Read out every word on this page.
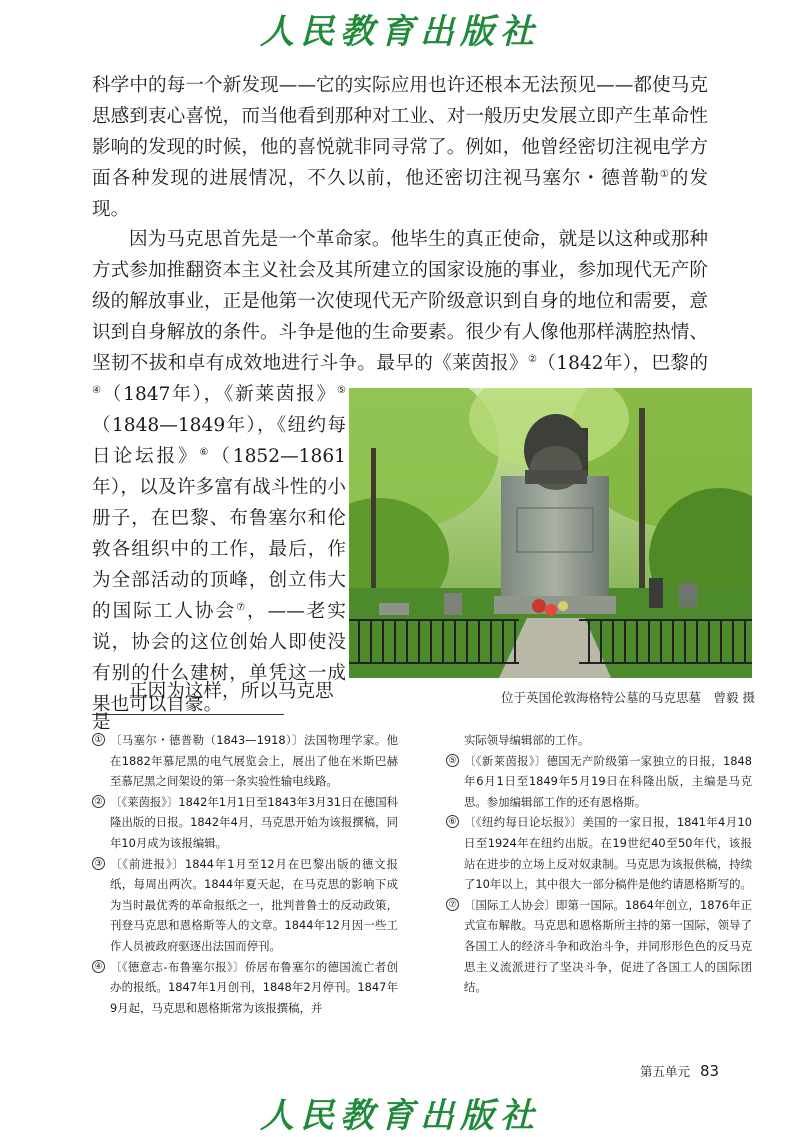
人民教育出版社

科学中的每一个新发现——它的实际应用也许还根本无法预见——都使马克思感到衷心喜悦，而当他看到那种对工业、对一般历史发展立即产生革命性影响的发现的时候，他的喜悦就非同寻常了。例如，他曾经密切注视电学方面各种发现的进展情况，不久以前，他还密切注视马塞尔・德普勒①的发现。

因为马克思首先是一个革命家。他毕生的真正使命，就是以这种或那种方式参加推翻资本主义社会及其所建立的国家设施的事业，参加现代无产阶级的解放事业，正是他第一次使现代无产阶级意识到自身的地位和需要，意识到自身解放的条件。斗争是他的生命要素。很少有人像他那样满腔热情、坚韧不拔和卓有成效地进行斗争。最早的《莱茵报》②（1842年），巴黎的

④（1847年），《新莱茵报》⑤（1848—1849年），《纽约每日论坛报》⑥（1852—1861年），以及许多富有战斗性的小册子，在巴黎、布鲁塞尔和伦敦各组织中的工作，最后，作为全部活动的顶峰，创立伟大的国际工人协会⑦，——老实说，协会的这位创始人即使没有别的什么建树，单凭这一成果也可以自豪。

正因为这样，所以马克思是
位于英国伦敦海格特公墓的马克思墓　曾毅 摄

① 〔马塞尔・德普勒（1843—1918）〕法国物理学家。他在1882年慕尼黑的电气展览会上，展出了他在米斯巴赫至慕尼黑之间架设的第一条实验性输电线路。

② 〔《莱茵报》〕1842年1月1日至1843年3月31日在德国科隆出版的日报。1842年4月，马克思开始为该报撰稿，同年10月成为该报编辑。

③ 〔《前进报》〕1844年1月至12月在巴黎出版的德文报纸，每周出两次。1844年夏天起，在马克思的影响下成为当时最优秀的革命报纸之一，批判普鲁士的反动政策，刊登马克思和恩格斯等人的文章。1844年12月因一些工作人员被政府驱逐出法国而停刊。

④ 〔《德意志-布鲁塞尔报》〕侨居布鲁塞尔的德国流亡者创办的报纸。1847年1月创刊，1848年2月停刊。1847年9月起，马克思和恩格斯常为该报撰稿，并

实际领导编辑部的工作。

⑤ 〔《新莱茵报》〕德国无产阶级第一家独立的日报，1848年6月1日至1849年5月19日在科隆出版，主编是马克思。参加编辑部工作的还有恩格斯。

⑥ 〔《纽约每日论坛报》〕美国的一家日报，1841年4月10日至1924年在纽约出版。在19世纪40至50年代，该报站在进步的立场上反对奴隶制。马克思为该报供稿，持续了10年以上，其中很大一部分稿件是他约请恩格斯写的。

⑦ 〔国际工人协会〕即第一国际。1864年创立，1876年正式宣布解散。马克思和恩格斯所主持的第一国际，领导了各国工人的经济斗争和政治斗争，并同形形色色的反马克思主义流派进行了坚决斗争，促进了各国工人的国际团结。

第五单元 83
人民教育出版社
